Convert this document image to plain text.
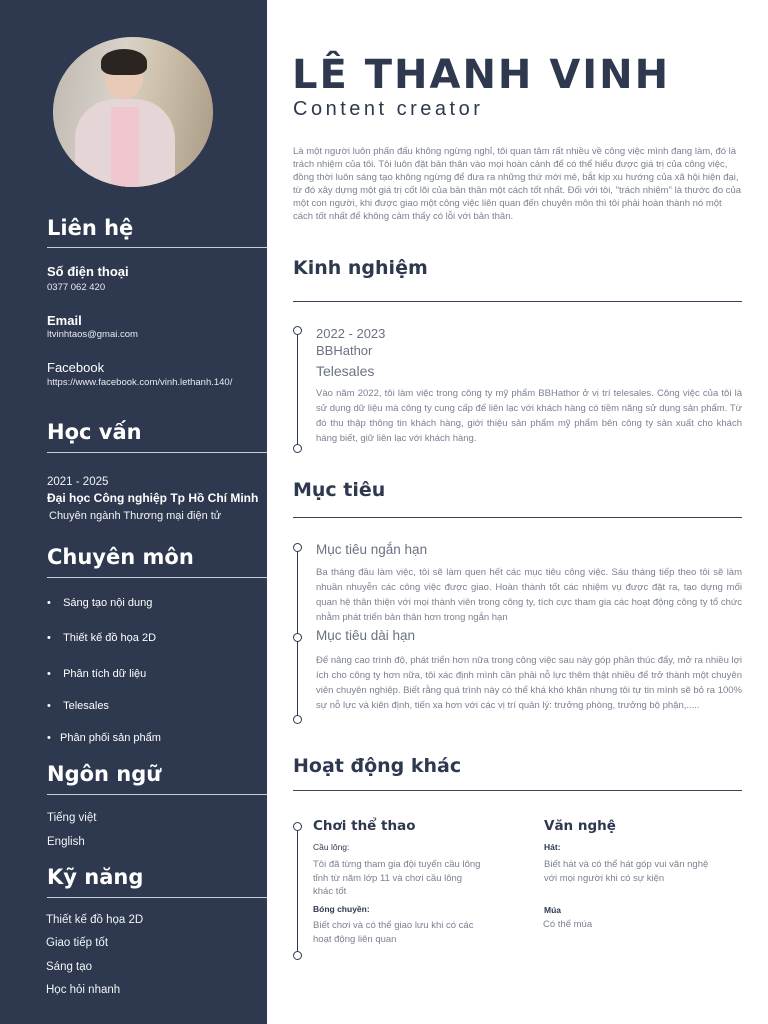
Liên hệ
Số điện thoại
0377 062 420
Email
ltvinhtaos@gmai.com
Facebook
https://www.facebook.com/vinh.lethanh.140/
Học vấn
2021 - 2025
Đại học Công nghiệp Tp Hồ Chí Minh
Chuyên ngành Thương mại điện tử
Chuyên môn
•    Sáng tạo nội dung
•    Thiết kế đồ họa 2D
•    Phân tích dữ liệu
•    Telesales
•   Phân phối sản phẩm
Ngôn ngữ
Tiếng việt
English
Kỹ năng
Thiết kế đồ họa 2D
Giao tiếp tốt
Sáng tạo
Học hỏi nhanh
LÊ THANH VINH
Content creator
Là một người luôn phấn đấu không ngừng nghỉ, tôi quan tâm rất nhiều về công việc mình đang làm, đó là trách nhiệm của tôi. Tôi luôn đặt bản thân vào mọi hoàn cảnh để có thể hiểu được giá trị của công việc, đồng thời luôn sáng tạo không ngừng để đưa ra những thứ mới mẻ, bắt kịp xu hướng của xã hội hiện đại, từ đó xây dựng một giá trị cốt lõi của bản thân một cách tốt nhất. Đối với tôi, "trách nhiệm" là thước đo của một con người, khi được giao một công việc liên quan đến chuyên môn thì tôi phải hoàn thành nó một cách tốt nhất để không cảm thấy có lỗi với bản thân.
Kinh nghiệm
2022 - 2023
BBHathor
Telesales
Vào năm 2022, tôi làm việc trong công ty mỹ phẩm BBHathor ở vị trí telesales. Công việc của tôi là sử dụng dữ liệu mà công ty cung cấp để liên lạc với khách hàng có tiềm năng sử dụng sản phẩm. Từ đó thu thập thông tin khách hàng, giới thiệu sản phẩm mỹ phẩm bên công ty sản xuất cho khách hàng biết, giữ liên lạc với khách hàng.
Mục tiêu
Mục tiêu ngắn hạn
Ba tháng đầu làm việc, tôi sẽ làm quen hết các mục tiêu công việc. Sáu tháng tiếp theo tôi sẽ làm nhuần nhuyễn các công việc được giao. Hoàn thành tốt các nhiệm vụ được đặt ra, tạo dựng mối quan hệ thân thiện với mọi thành viên trong công ty, tích cực tham gia các hoạt động công ty tổ chức nhằm phát triển bản thân hơn trong ngắn hạn
Mục tiêu dài hạn
Để nâng cao trình độ, phát triển hơn nữa trong công việc sau này góp phần thúc đẩy, mở ra nhiều lợi ích cho công ty hơn nữa, tôi xác định mình cần phải nỗ lực thêm thật nhiều để trở thành một chuyên viên chuyên nghiệp. Biết rằng quá trình này có thể khá khó khăn nhưng tôi tự tin mình sẽ bỏ ra 100% sự nỗ lực và kiên định, tiến xa hơn với các vị trí quản lý: trưởng phòng, trưởng bộ phận,.....
Hoạt động khác
Chơi thể thao
Cầu lông:
Tôi đã từng tham gia đội tuyển cầu lông tỉnh từ năm lớp 11 và chơi cầu lông khác tốt
Bóng chuyền:
Biết chơi và có thể giao lưu khi có các hoạt động liên quan
Văn nghệ
Hát:
Biết hát và có thể hát góp vui văn nghệ với mọi người khi có sự kiện
Múa
Có thể múa
